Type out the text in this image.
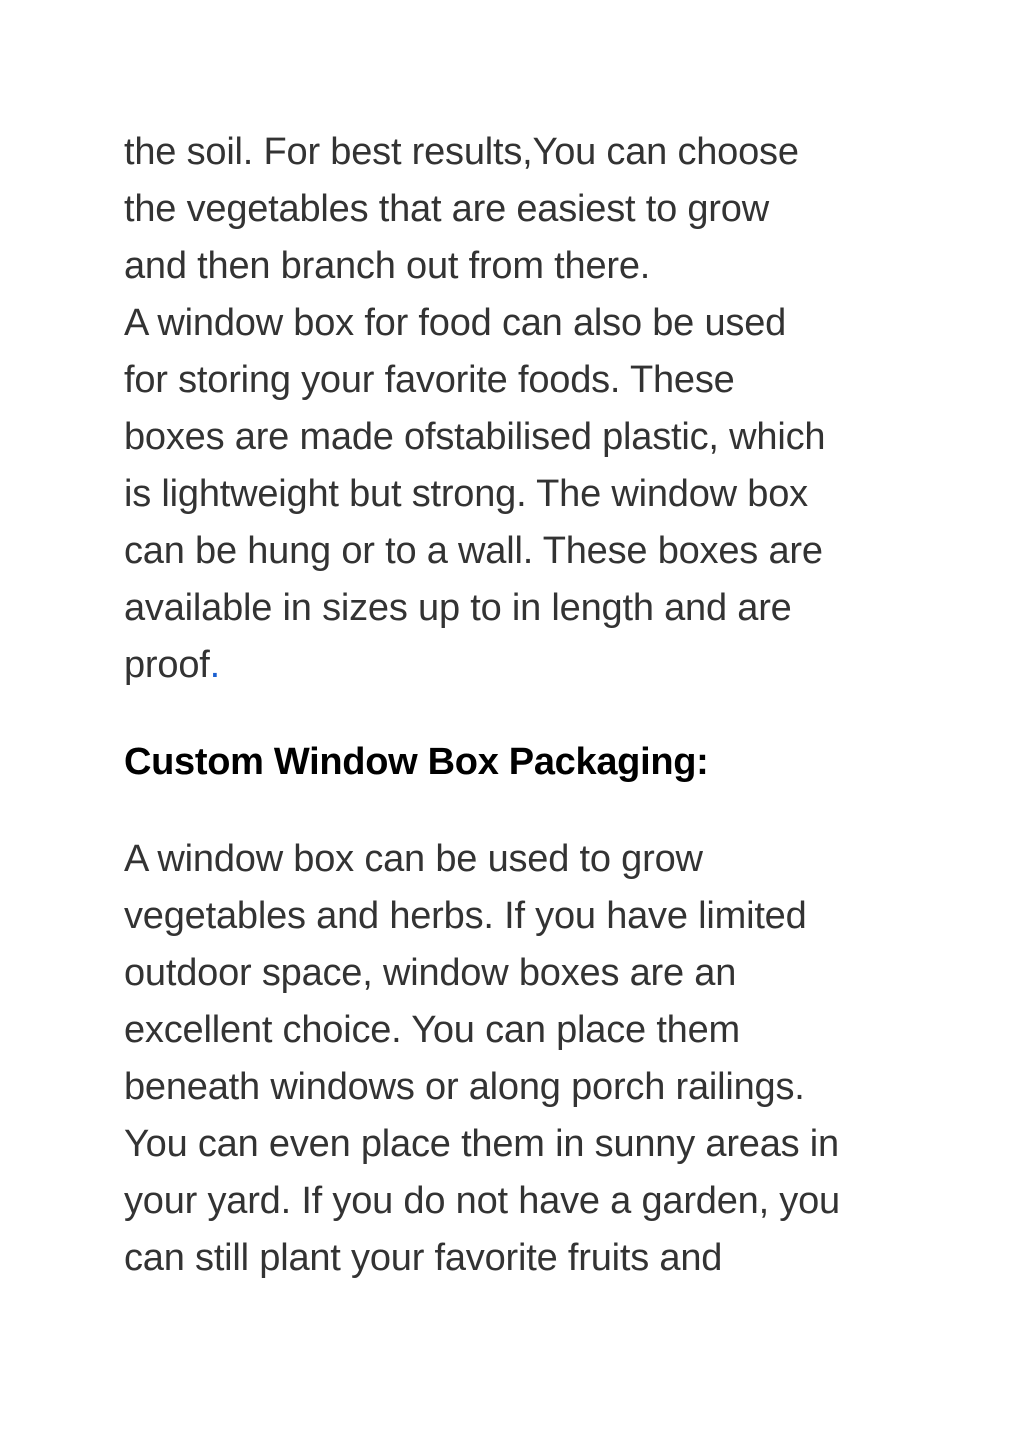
the soil. For best results,You can choose
the vegetables that are easiest to grow
and then branch out from there.
A window box for food can also be used
for storing your favorite foods. These
boxes are made ofstabilised plastic, which
is lightweight but strong. The window box
can be hung or to a wall. These boxes are
available in sizes up to in length and are
proof.
Custom Window Box Packaging:
A window box can be used to grow
vegetables and herbs. If you have limited
outdoor space, window boxes are an
excellent choice. You can place them
beneath windows or along porch railings.
You can even place them in sunny areas in
your yard. If you do not have a garden, you
can still plant your favorite fruits and
